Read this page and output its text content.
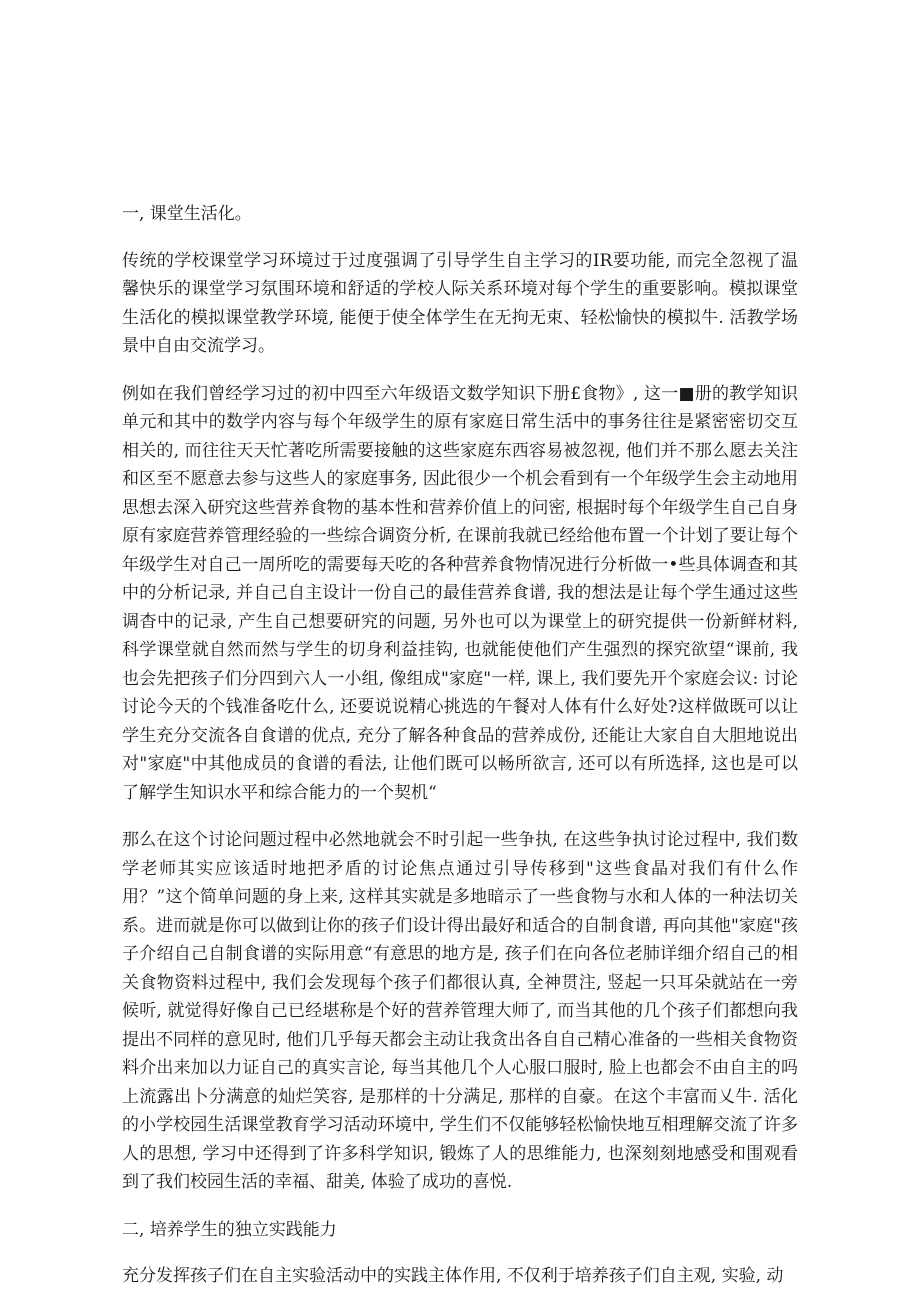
一, 课堂生活化。

传统的学校课堂学习环境过于过度强调了引导学生自主学习的IR要功能, 而完全忽视了温馨快乐的课堂学习氛围环境和舒适的学校人际关系环境对每个学生的重要影响。模拟课堂生活化的模拟课堂教学环境, 能便于使全体学生在无拘无束、轻松愉快的模拟牛. 活教学场景中自由交流学习。

例如在我们曾经学习过的初中四至六年级语文数学知识下册£食物》, 这一■册的教学知识单元和其中的数学内容与每个年级学生的原有家庭日常生活中的事务往往是紧密密切交互相关的, 而往往天天忙著吃所需要接触的这些家庭东西容易被忽视, 他们并不那么愿去关注和区至不愿意去参与这些人的家庭事务, 因此很少一个机会看到有一个年级学生会主动地用思想去深入研究这些营养食物的基本性和营养价值上的问密, 根据时每个年级学生自己自身原有家庭营养管理经验的一些综合调资分析, 在课前我就已经给他布置一个计划了要让每个年级学生对自己一周所吃的需要每天吃的各种营养食物情况进行分析做一•些具体调查和其中的分析记录, 并自己自主设计一份自己的最佳营养食谱, 我的想法是让每个学生通过这些调杳中的记录, 产生自己想要研究的问题, 另外也可以为课堂上的研究提供一份新鲜材料, 科学课堂就自然而然与学生的切身利益挂钩, 也就能使他们产生强烈的探究欲望“课前, 我也会先把孩子们分四到六人一小组, 像组成"家庭"一样, 课上, 我们要先开个家庭会议: 讨论讨论今天的个钱准备吃什么, 还要说说精心挑选的午餐对人体有什么好处?这样做既可以让学生充分交流各自食谱的优点, 充分了解各种食品的营养成份, 还能让大家自自大胆地说出对"家庭"中其他成员的食谱的看法, 让他们既可以畅所欲言, 还可以有所选择, 这也是可以了解学生知识水平和综合能力的一个契机“

那么在这个讨论问题过程中必然地就会不时引起一些争执, 在这些争执讨论过程中, 我们数学老师其实应该适时地把矛盾的讨论焦点通过引导传移到"这些食晶对我们有什么作用？”这个简单问题的身上来, 这样其实就是多地暗示了一些食物与水和人体的一种法切关系。进而就是你可以做到让你的孩子们设计得出最好和适合的自制食谱, 再向其他"家庭"孩子介绍自己自制食谱的实际用意“有意思的地方是, 孩子们在向各位老肺详细介绍自己的相关食物资料过程中, 我们会发现每个孩子们都很认真, 全神贯注, 竖起一只耳朵就站在一旁候听, 就觉得好像自己已经堪称是个好的营养管理大师了, 而当其他的几个孩子们都想向我提出不同样的意见时, 他们几乎每天都会主动让我贪出各自自己精心准备的一些相关食物资料介出来加以力证自己的真实言论, 每当其他几个人心服口服时, 脸上也都会不由自主的吗上流露出卜分满意的灿烂笑容, 是那样的十分满足, 那样的自豪。在这个丰富而乂牛. 活化的小学校园生活课堂教育学习活动环境中, 学生们不仅能够轻松愉快地互相理解交流了许多人的思想, 学习中还得到了许多科学知识, 锻炼了人的思维能力, 也深刻刻地感受和围观看到了我们校园生活的幸福、甜美, 体验了成功的喜悦.

二, 培养学生的独立实践能力

充分发挥孩子们在自主实验活动中的实践主体作用, 不仅利于培养孩子们自主观, 实验, 动
